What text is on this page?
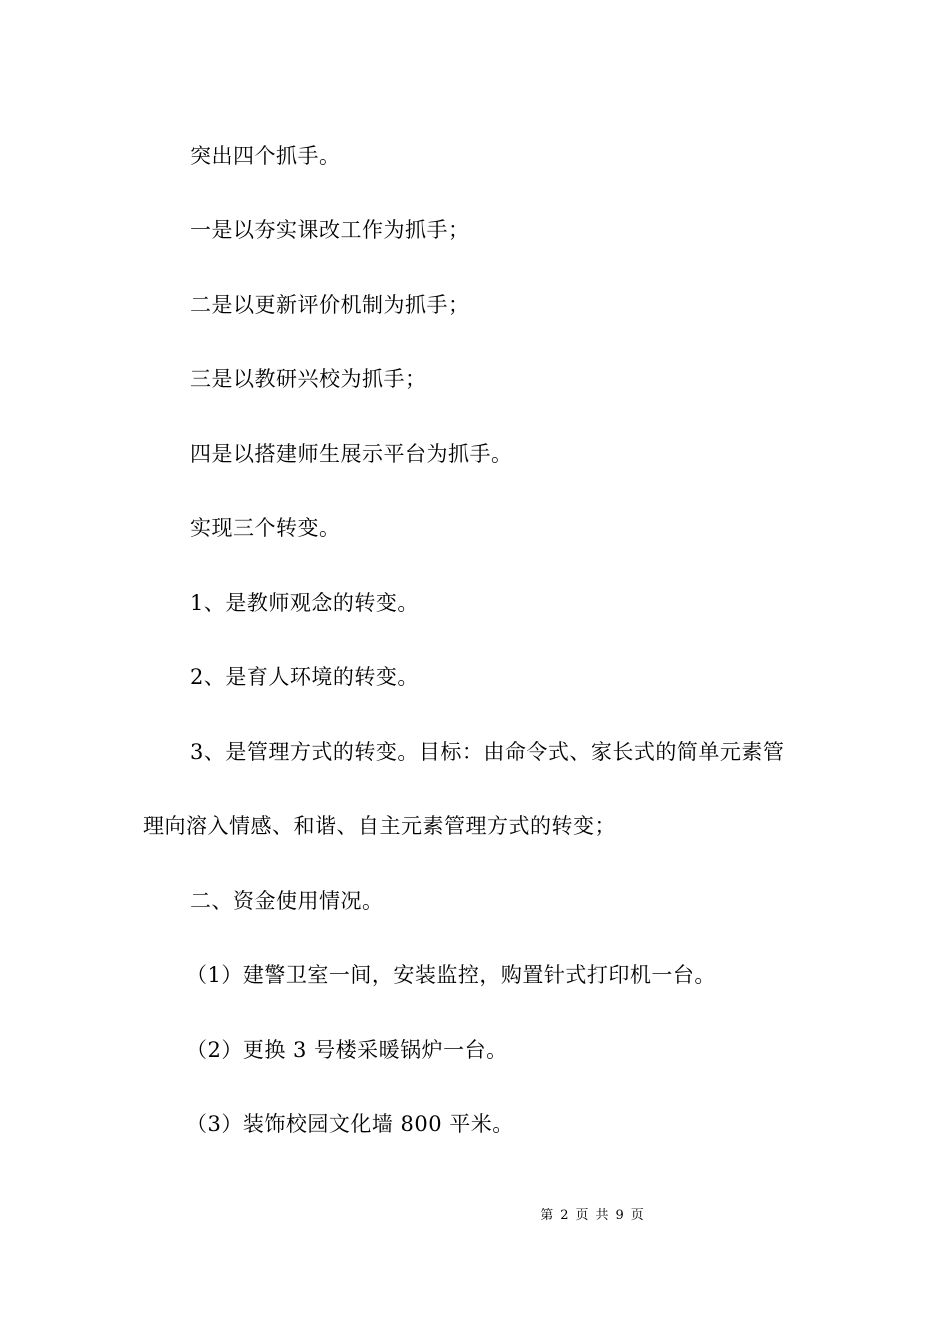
突出四个抓手。
一是以夯实课改工作为抓手；
二是以更新评价机制为抓手；
三是以教研兴校为抓手；
四是以搭建师生展示平台为抓手。
实现三个转变。
1、是教师观念的转变。
2、是育人环境的转变。
3、是管理方式的转变。目标：由命令式、家长式的简单元素管
理向溶入情感、和谐、自主元素管理方式的转变；
二、资金使用情况。
（1）建警卫室一间，安装监控，购置针式打印机一台。
（2）更换 3 号楼采暖锅炉一台。
（3）装饰校园文化墙 800 平米。
第 2 页 共 9 页
